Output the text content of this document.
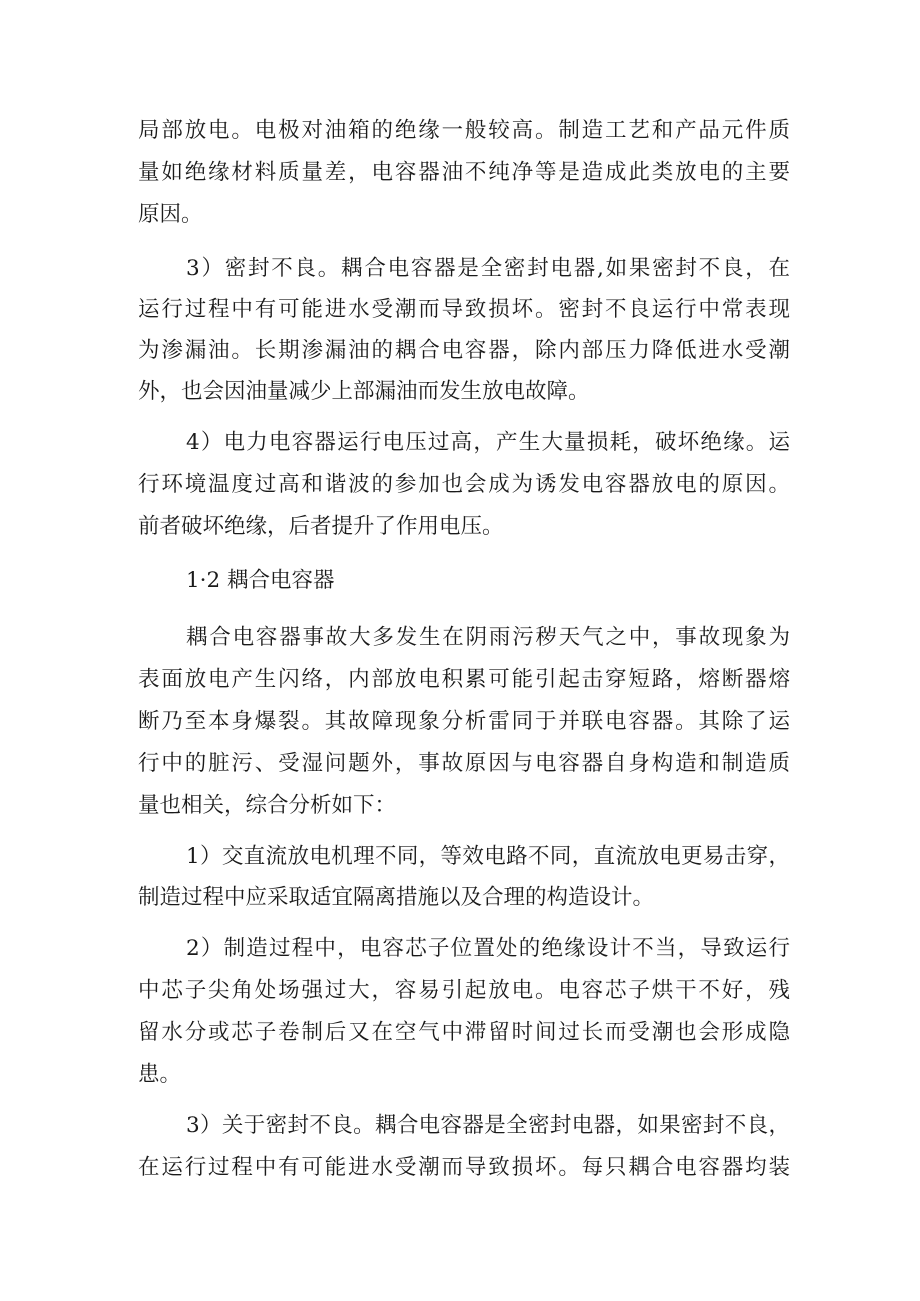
局部放电。电极对油箱的绝缘一般较高。制造工艺和产品元件质
量如绝缘材料质量差，电容器油不纯净等是造成此类放电的主要
原因。
3）密封不良。耦合电容器是全密封电器,如果密封不良，在
运行过程中有可能进水受潮而导致损坏。密封不良运行中常表现
为渗漏油。长期渗漏油的耦合电容器，除内部压力降低进水受潮
外，也会因油量减少上部漏油而发生放电故障。
4）电力电容器运行电压过高，产生大量损耗，破坏绝缘。运
行环境温度过高和谐波的参加也会成为诱发电容器放电的原因。
前者破坏绝缘，后者提升了作用电压。
1·2 耦合电容器
耦合电容器事故大多发生在阴雨污秽天气之中，事故现象为
表面放电产生闪络，内部放电积累可能引起击穿短路，熔断器熔
断乃至本身爆裂。其故障现象分析雷同于并联电容器。其除了运
行中的脏污、受湿问题外，事故原因与电容器自身构造和制造质
量也相关，综合分析如下：
1）交直流放电机理不同，等效电路不同，直流放电更易击穿，
制造过程中应采取适宜隔离措施以及合理的构造设计。
2）制造过程中，电容芯子位置处的绝缘设计不当，导致运行
中芯子尖角处场强过大，容易引起放电。电容芯子烘干不好，残
留水分或芯子卷制后又在空气中滞留时间过长而受潮也会形成隐
患。
3）关于密封不良。耦合电容器是全密封电器，如果密封不良，
在运行过程中有可能进水受潮而导致损坏。每只耦合电容器均装
